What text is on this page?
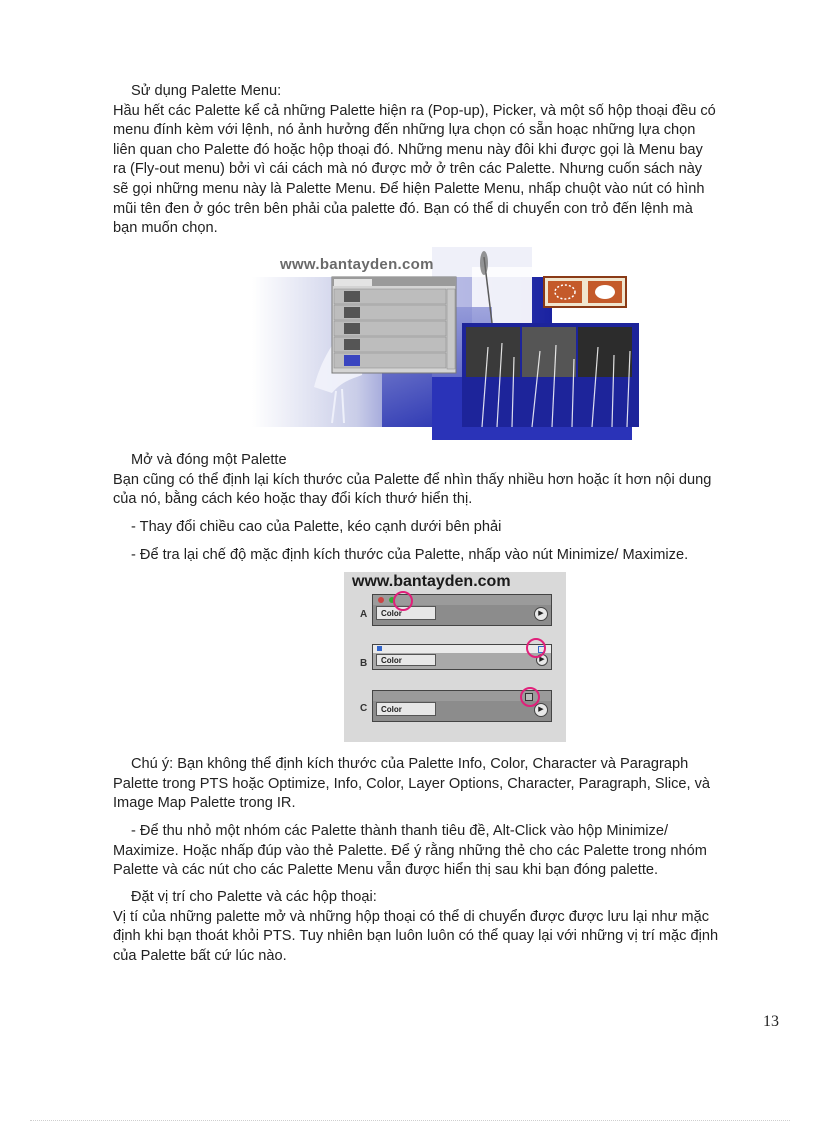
Sử dụng Palette Menu:
Hầu hết các Palette kể cả những Palette hiện ra (Pop-up), Picker, và một số hộp thoại đều có
menu đính kèm với lệnh, nó ảnh hưởng đến những lựa chọn có sẵn hoạc những lựa chọn
liên quan cho Palette đó hoặc hộp thoại đó. Những menu này đôi khi được gọi là Menu bay
ra (Fly-out menu) bởi vì cái cách mà nó được mở ở trên các Palette. Nhưng cuốn sách này
sẽ gọi những menu này là Palette Menu. Để hiện Palette Menu, nhấp chuột vào nút có hình
mũi tên đen ở góc trên bên phải của palette đó. Bạn có thể di chuyển con trỏ đến lệnh mà
bạn muốn chọn.
www.bantayden.com
Mở và đóng một Palette
Bạn cũng có thể định lại kích thước của Palette để nhìn thấy nhiều hơn hoặc ít hơn nội dung
của nó, bằng cách kéo hoặc thay đổi kích thướ hiển thị.
- Thay đổi chiều cao của Palette, kéo cạnh dưới bên phải
- Để tra lại chế độ mặc định kích thước của Palette, nhấp vào nút Minimize/ Maximize.
www.bantayden.com
A	Color	▶
B	Color	▶
C	Color	▶
Chú ý: Bạn không thể định kích thước của Palette Info, Color, Character và Paragraph
Palette trong PTS hoặc Optimize, Info, Color, Layer Options, Character, Paragraph, Slice, và
Image Map Palette trong IR.
- Để thu nhỏ một nhóm các Palette thành thanh tiêu đề, Alt-Click vào hộp Minimize/
Maximize. Hoặc nhấp đúp vào thẻ Palette. Để ý rằng những thẻ cho các Palette trong nhóm
Palette và các nút cho các Palette Menu vẫn được hiển thị sau khi bạn đóng palette.
Đặt vị trí cho Palette và các hộp thoại:
Vị tí của những palette mở và những hộp thoại có thể di chuyển được được lưu lại như mặc
định khi bạn thoát khỏi PTS. Tuy nhiên bạn luôn luôn có thể quay lại với những vị trí mặc định
của Palette bất cứ lúc nào.
13
